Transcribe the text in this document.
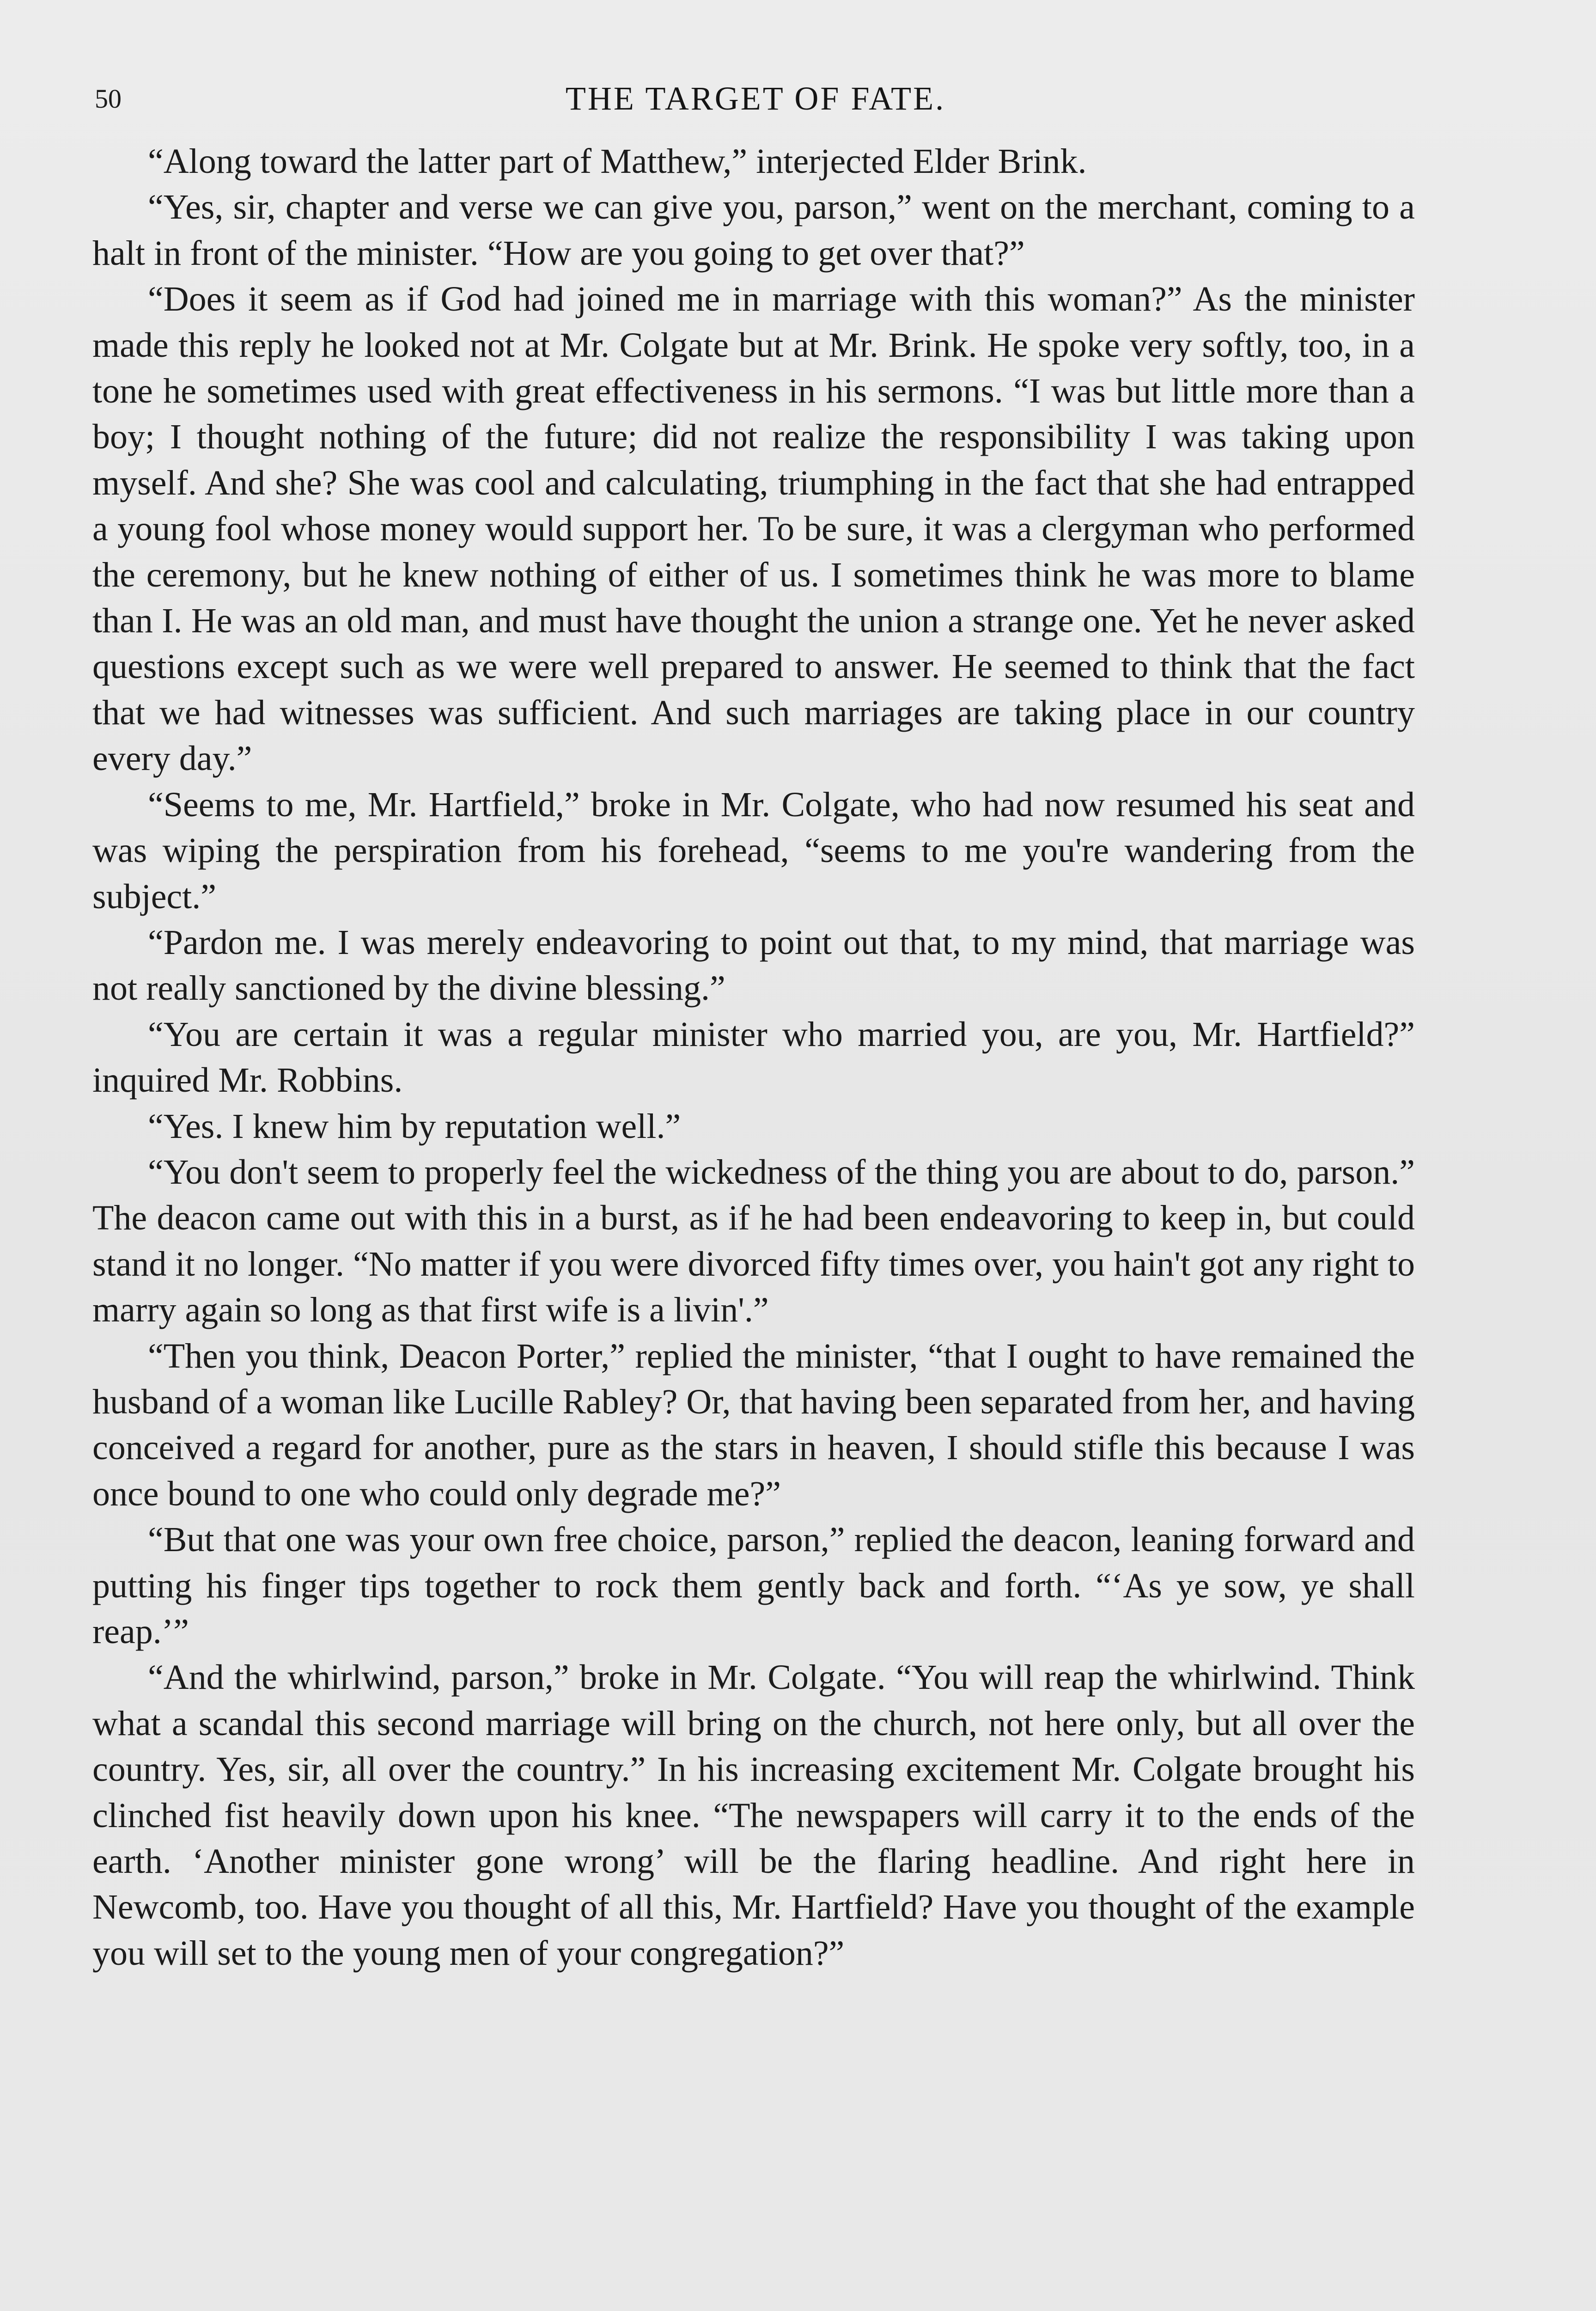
50	THE TARGET OF FATE.

“Along toward the latter part of Matthew,” interjected Elder Brink.

“Yes, sir, chapter and verse we can give you, parson,” went on the merchant, coming to a halt in front of the minister. “How are you going to get over that?”

“Does it seem as if God had joined me in marriage with this woman?” As the minister made this reply he looked not at Mr. Colgate but at Mr. Brink. He spoke very softly, too, in a tone he sometimes used with great effectiveness in his sermons. “I was but little more than a boy; I thought nothing of the future; did not realize the responsibility I was taking upon myself. And she? She was cool and calculating, triumphing in the fact that she had entrapped a young fool whose money would support her. To be sure, it was a clergyman who performed the ceremony, but he knew nothing of either of us. I sometimes think he was more to blame than I. He was an old man, and must have thought the union a strange one. Yet he never asked questions except such as we were well prepared to answer. He seemed to think that the fact that we had witnesses was sufficient. And such marriages are taking place in our country every day.”

“Seems to me, Mr. Hartfield,” broke in Mr. Colgate, who had now resumed his seat and was wiping the perspiration from his forehead, “seems to me you're wandering from the subject.”

“Pardon me. I was merely endeavoring to point out that, to my mind, that marriage was not really sanctioned by the divine blessing.”

“You are certain it was a regular minister who married you, are you, Mr. Hartfield?” inquired Mr. Robbins.

“Yes. I knew him by reputation well.”

“You don't seem to properly feel the wickedness of the thing you are about to do, parson.” The deacon came out with this in a burst, as if he had been endeavoring to keep in, but could stand it no longer. “No matter if you were divorced fifty times over, you hain't got any right to marry again so long as that first wife is a livin'.”

“Then you think, Deacon Porter,” replied the minister, “that I ought to have remained the husband of a woman like Lucille Rabley? Or, that having been separated from her, and having conceived a regard for another, pure as the stars in heaven, I should stifle this because I was once bound to one who could only degrade me?”

“But that one was your own free choice, parson,” replied the deacon, leaning forward and putting his finger tips together to rock them gently back and forth. “‘As ye sow, ye shall reap.’”

“And the whirlwind, parson,” broke in Mr. Colgate. “You will reap the whirlwind. Think what a scandal this second marriage will bring on the church, not here only, but all over the country. Yes, sir, all over the country.” In his increasing excitement Mr. Colgate brought his clinched fist heavily down upon his knee. “The newspapers will carry it to the ends of the earth. ‘Another minister gone wrong’ will be the flaring headline. And right here in Newcomb, too. Have you thought of all this, Mr. Hartfield? Have you thought of the example you will set to the young men of your congregation?”
